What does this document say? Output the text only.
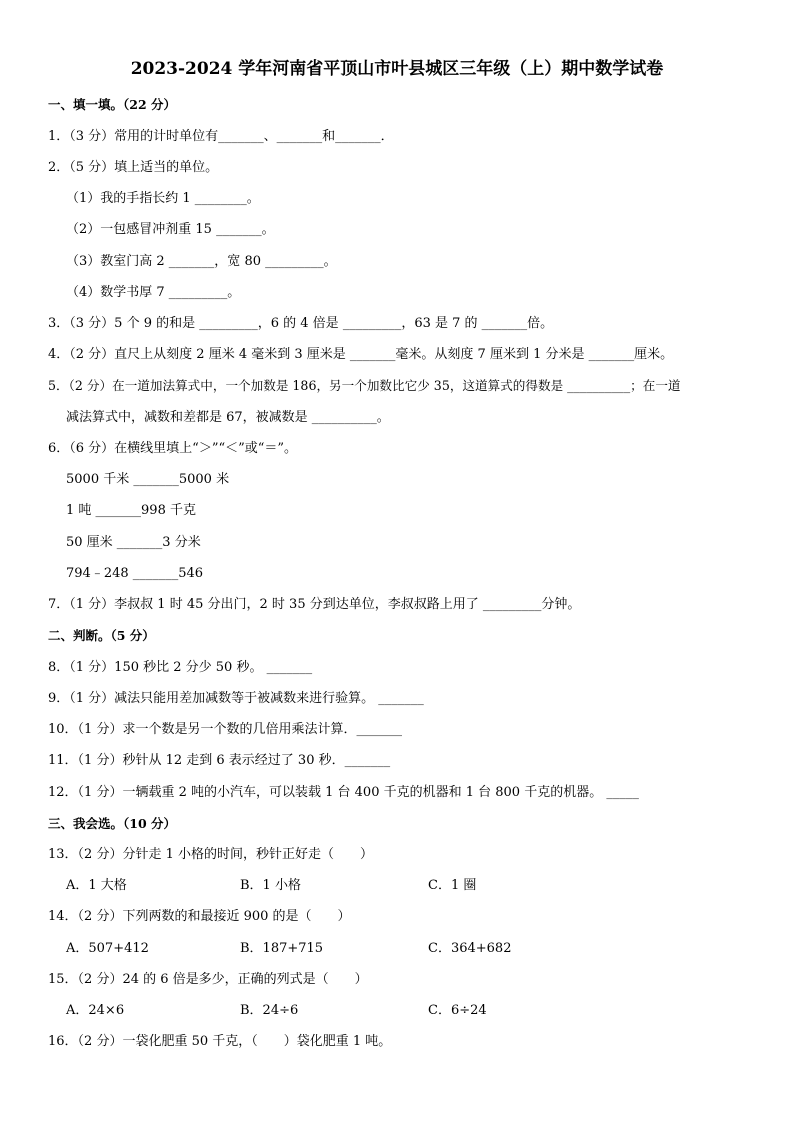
2023-2024 学年河南省平顶山市叶县城区三年级（上）期中数学试卷
一、填一填。（22 分）
1．（3 分）常用的计时单位有_______、_______和_______．
2．（5 分）填上适当的单位。
（1）我的手指长约 1 ________。
（2）一包感冒冲剂重 15 _______。
（3）教室门高 2 _______，宽 80 _________。
（4）数学书厚 7 _________。
3．（3 分）5 个 9 的和是 _________，6 的 4 倍是 _________，63 是 7 的 _______倍。
4．（2 分）直尺上从刻度 2 厘米 4 毫米到 3 厘米是 _______毫米。从刻度 7 厘米到 1 分米是 _______厘米。
5．（2 分）在一道加法算式中，一个加数是 186，另一个加数比它少 35，这道算式的得数是 __________；在一道
减法算式中，减数和差都是 67，被减数是 __________。
6．（6 分）在横线里填上“＞”“＜”或“＝”。
5000 千米 _______5000 米
1 吨 _______998 千克
50 厘米 _______3 分米
794﹣248 _______546
7．（1 分）李叔叔 1 时 45 分出门，2 时 35 分到达单位，李叔叔路上用了 _________分钟。
二、判断。（5 分）
8．（1 分）150 秒比 2 分少 50 秒。 _______
9．（1 分）减法只能用差加减数等于被减数来进行验算。 _______
10．（1 分）求一个数是另一个数的几倍用乘法计算．_______
11．（1 分）秒针从 12 走到 6 表示经过了 30 秒．_______
12．（1 分）一辆载重 2 吨的小汽车，可以装载 1 台 400 千克的机器和 1 台 800 千克的机器。 _____
三、我会选。（10 分）
13．（2 分）分针走 1 小格的时间，秒针正好走（　　）
A．1 大格	B．1 小格	C．1 圈
14．（2 分）下列两数的和最接近 900 的是（　　）
A．507+412	B．187+715	C．364+682
15．（2 分）24 的 6 倍是多少，正确的列式是（　　）
A．24×6	B．24÷6	C．6÷24
16．（2 分）一袋化肥重 50 千克，（　　）袋化肥重 1 吨。
